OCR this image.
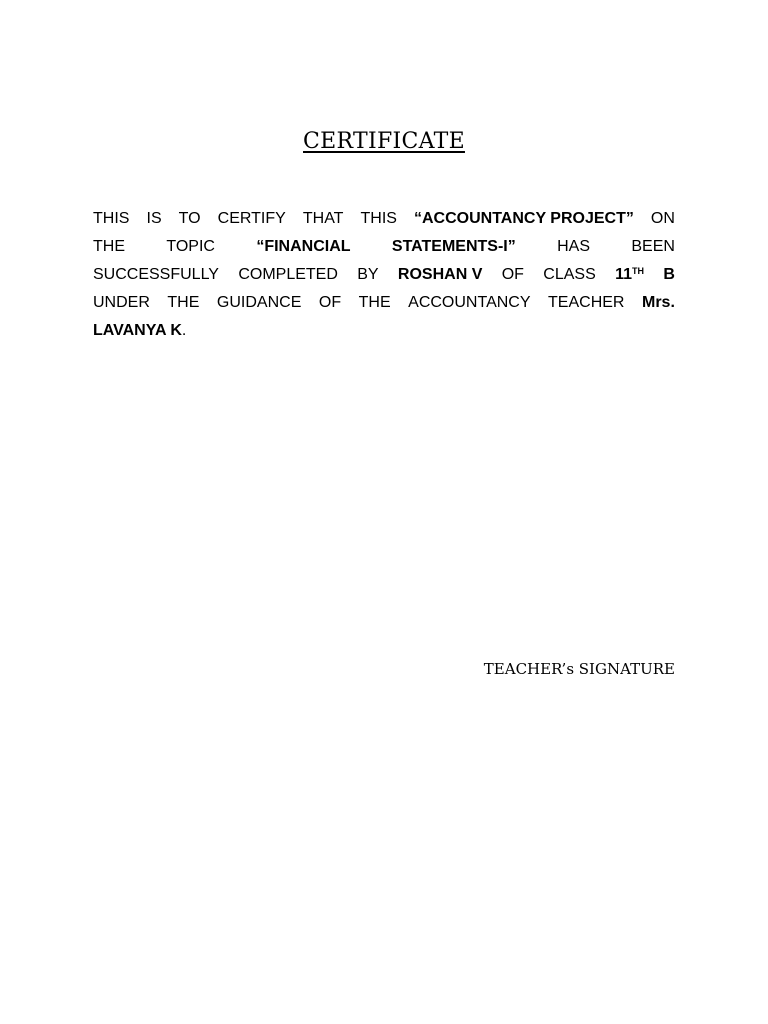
CERTIFICATE
THIS IS TO CERTIFY THAT THIS “ACCOUNTANCY PROJECT” ON
THE	TOPIC	“FINANCIAL	STATEMENTS-I”	HAS	BEEN
SUCCESSFULLY COMPLETED BY ROSHAN V OF CLASS 11TH B
UNDER THE GUIDANCE OF THE ACCOUNTANCY TEACHER Mrs.
LAVANYA K .
TEACHER’s SIGNATURE
